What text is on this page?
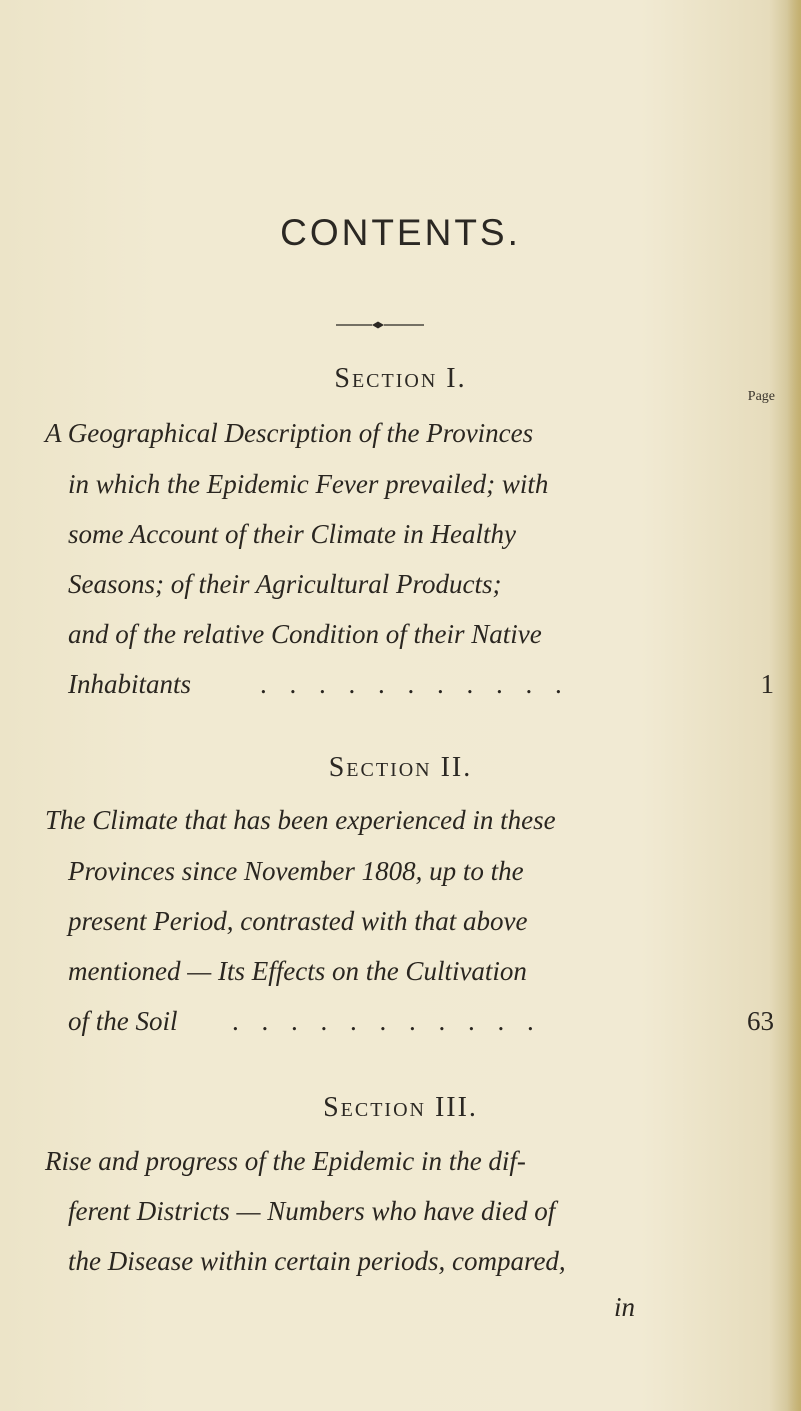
CONTENTS.
Section I.
Page
A Geographical Description of the Provinces
in which the Epidemic Fever prevailed; with
some Account of their Climate in Healthy
Seasons; of their Agricultural Products;
and of the relative Condition of their Native
Inhabitants	. . . . . . . . . . .	1
Section II.
The Climate that has been experienced in these
Provinces since November 1808, up to the
present Period, contrasted with that above
mentioned — Its Effects on the Cultivation
of the Soil . . . . . . . . . . .	63
Section III.
Rise and progress of the Epidemic in the dif-
ferent Districts — Numbers who have died of
the Disease within certain periods, compared,
in
